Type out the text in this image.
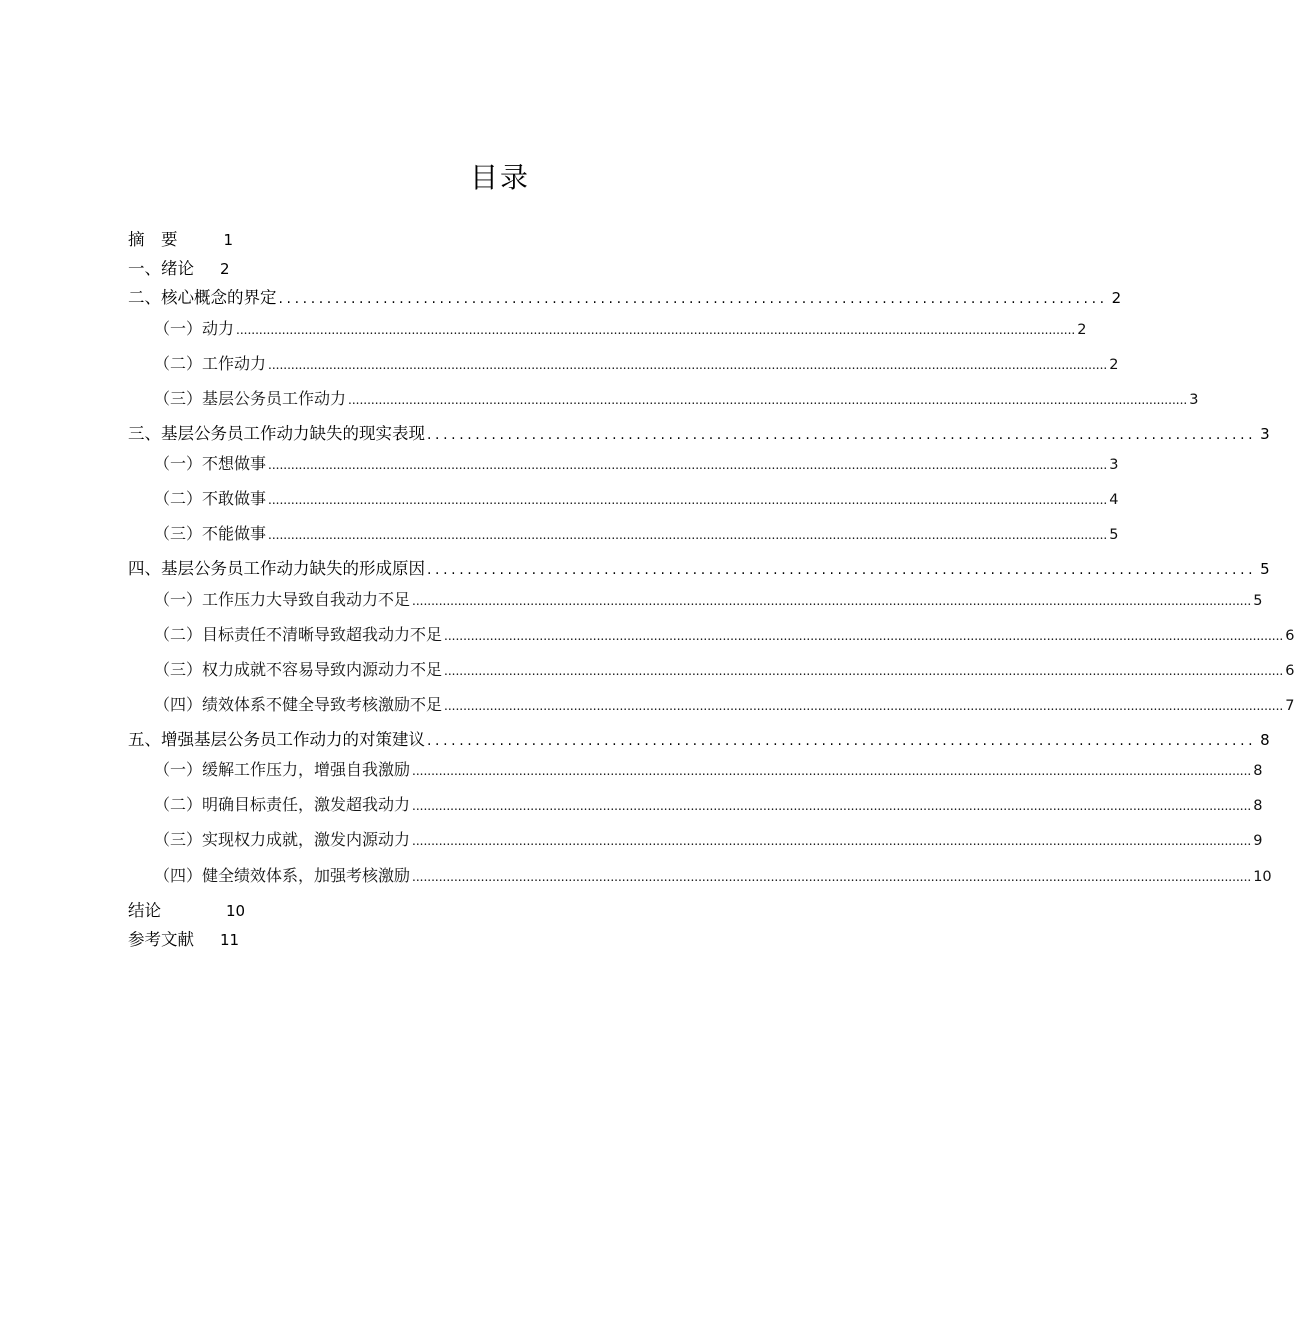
目录
摘　要	1
一、绪论 2
二、核心概念的界定 ....................................................................................................... 2
（一）动力 ............................................................................................................................................................................................................................ 2
（二）工作动力 ............................................................................................................................................................................................................................ 2
（三）基层公务员工作动力 ............................................................................................................................................................................................................................ 3
三、基层公务员工作动力缺失的现实表现 ....................................................................................................... 3
（一）不想做事 ............................................................................................................................................................................................................................ 3
（二）不敢做事 ............................................................................................................................................................................................................................ 4
（三）不能做事 ............................................................................................................................................................................................................................ 5
四、基层公务员工作动力缺失的形成原因 ....................................................................................................... 5
（一）工作压力大导致自我动力不足 ............................................................................................................................................................................................................................ 5
（二）目标责任不清晰导致超我动力不足 ............................................................................................................................................................................................................................ 6
（三）权力成就不容易导致内源动力不足 ............................................................................................................................................................................................................................ 6
（四）绩效体系不健全导致考核激励不足 ............................................................................................................................................................................................................................ 7
五、增强基层公务员工作动力的对策建议 ....................................................................................................... 8
（一）缓解工作压力，增强自我激励 ............................................................................................................................................................................................................................ 8
（二）明确目标责任，激发超我动力 ............................................................................................................................................................................................................................ 8
（三）实现权力成就，激发内源动力 ............................................................................................................................................................................................................................ 9
（四）健全绩效体系，加强考核激励 ............................................................................................................................................................................................................................ 10
结论	10
参考文献 11
